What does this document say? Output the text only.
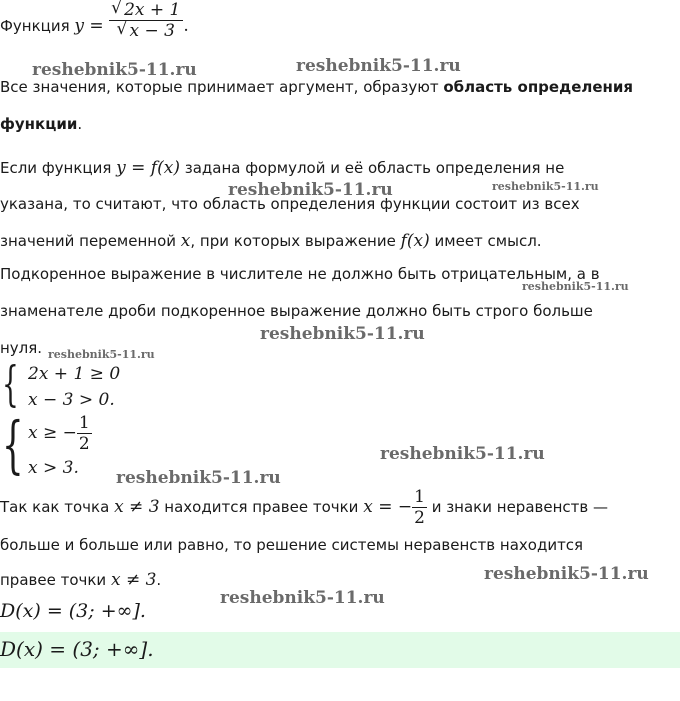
Функция $y = \frac{√ 2x + 1}{√ x - 3}$ .
Все значения, которые принимает аргумент, образуют область определения
функции.
Если функция y = f(x) задана формулой и её область определения не
указана, то считают, что область определения функции состоит из всех
значений переменной x, при которых выражение f(x) имеет смысл.
Подкоренное выражение в числителе не должно быть отрицательным, а в
знаменателе дроби подкоренное выражение должно быть строго больше
нуля.
{ 2x + 1 ≥ 0
x − 3 > 0.
{ x ≥ − $\frac{1}{2}$
x > 3.
Так как точка x ≠ 3 находится правее точки x = − $\frac{1}{2}$ и знаки неравенств —
больше и больше или равно, то решение системы неравенств находится
правее точки x ≠ 3.
D(x) = (3; +∞].
D(x) = (3; +∞].
reshebnik5-11.ru	reshebnik5-11.ru
reshebnik5-11.ru	reshebnik5-11.ru
reshebnik5-11.ru
reshebnik5-11.ru
reshebnik5-11.ru
reshebnik5-11.ru
reshebnik5-11.ru
reshebnik5-11.ru
reshebnik5-11.ru
